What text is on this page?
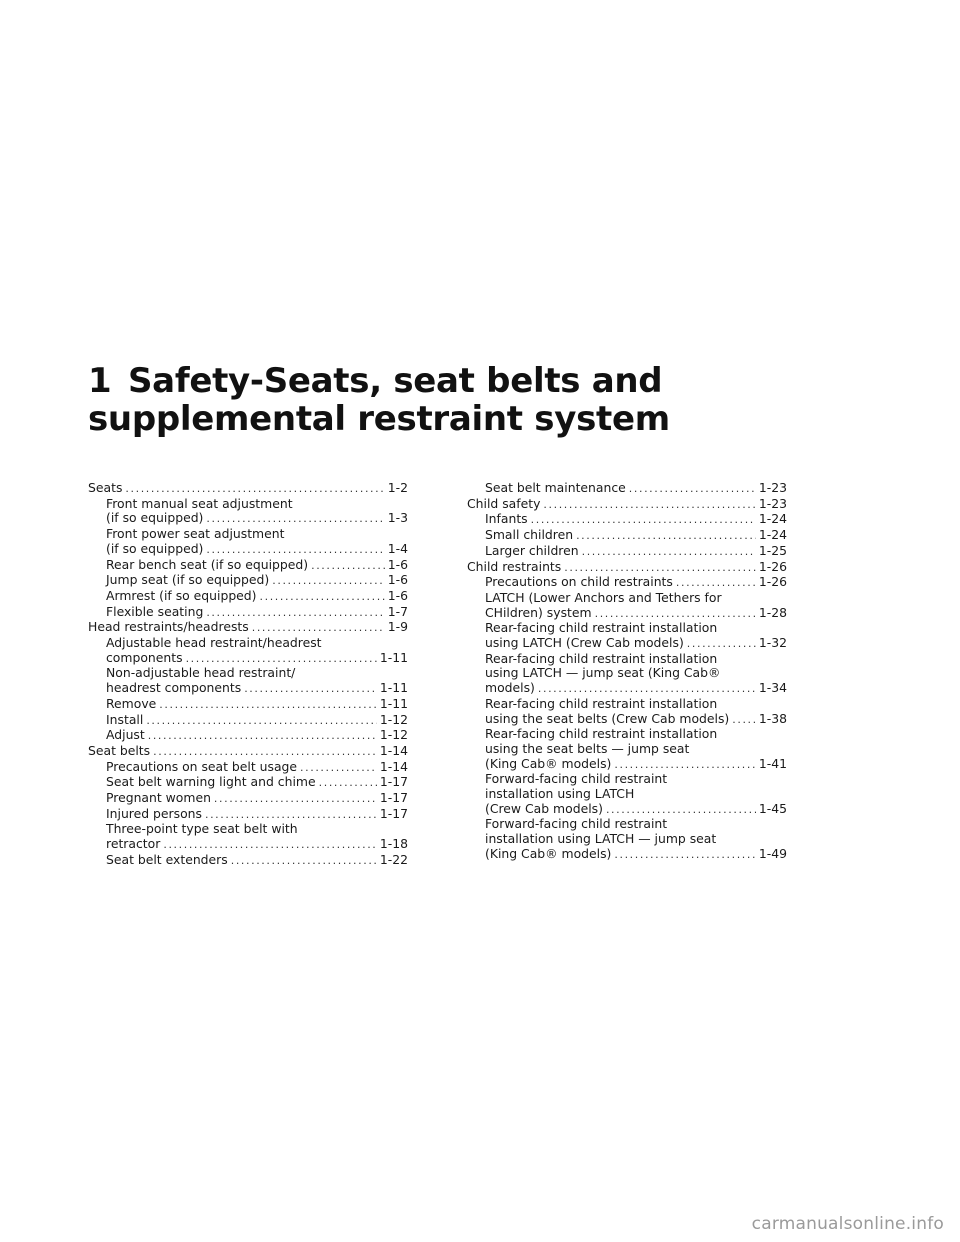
1 Safety-Seats, seat belts and
supplemental restraint system
Seats .....	1-2
Front manual seat adjustment
(if so equipped) .....	1-3
Front power seat adjustment
(if so equipped) .....	1-4
Rear bench seat (if so equipped) .....	1-6
Jump seat (if so equipped) .....	1-6
Armrest (if so equipped) .....	1-6
Flexible seating .....	1-7
Head restraints/headrests .....	1-9
Adjustable head restraint/headrest
components .....	1-11
Non-adjustable head restraint/
headrest components .....	1-11
Remove .....	1-11
Install .....	1-12
Adjust .....	1-12
Seat belts .....	1-14
Precautions on seat belt usage .....	1-14
Seat belt warning light and chime .....	1-17
Pregnant women .....	1-17
Injured persons .....	1-17
Three-point type seat belt with
retractor .....	1-18
Seat belt extenders .....	1-22
Seat belt maintenance .....	1-23
Child safety .....	1-23
Infants .....	1-24
Small children .....	1-24
Larger children .....	1-25
Child restraints .....	1-26
Precautions on child restraints .....	1-26
LATCH (Lower Anchors and Tethers for
CHildren) system .....	1-28
Rear-facing child restraint installation
using LATCH (Crew Cab models) .....	1-32
Rear-facing child restraint installation
using LATCH — jump seat (King Cab®
models) .....	1-34
Rear-facing child restraint installation
using the seat belts (Crew Cab models) ..... 1-38
Rear-facing child restraint installation
using the seat belts — jump seat
(King Cab® models) .....	1-41
Forward-facing child restraint
installation using LATCH
(Crew Cab models) .....	1-45
Forward-facing child restraint
installation using LATCH — jump seat
(King Cab® models) .....	1-49
carmanualsonline.info
